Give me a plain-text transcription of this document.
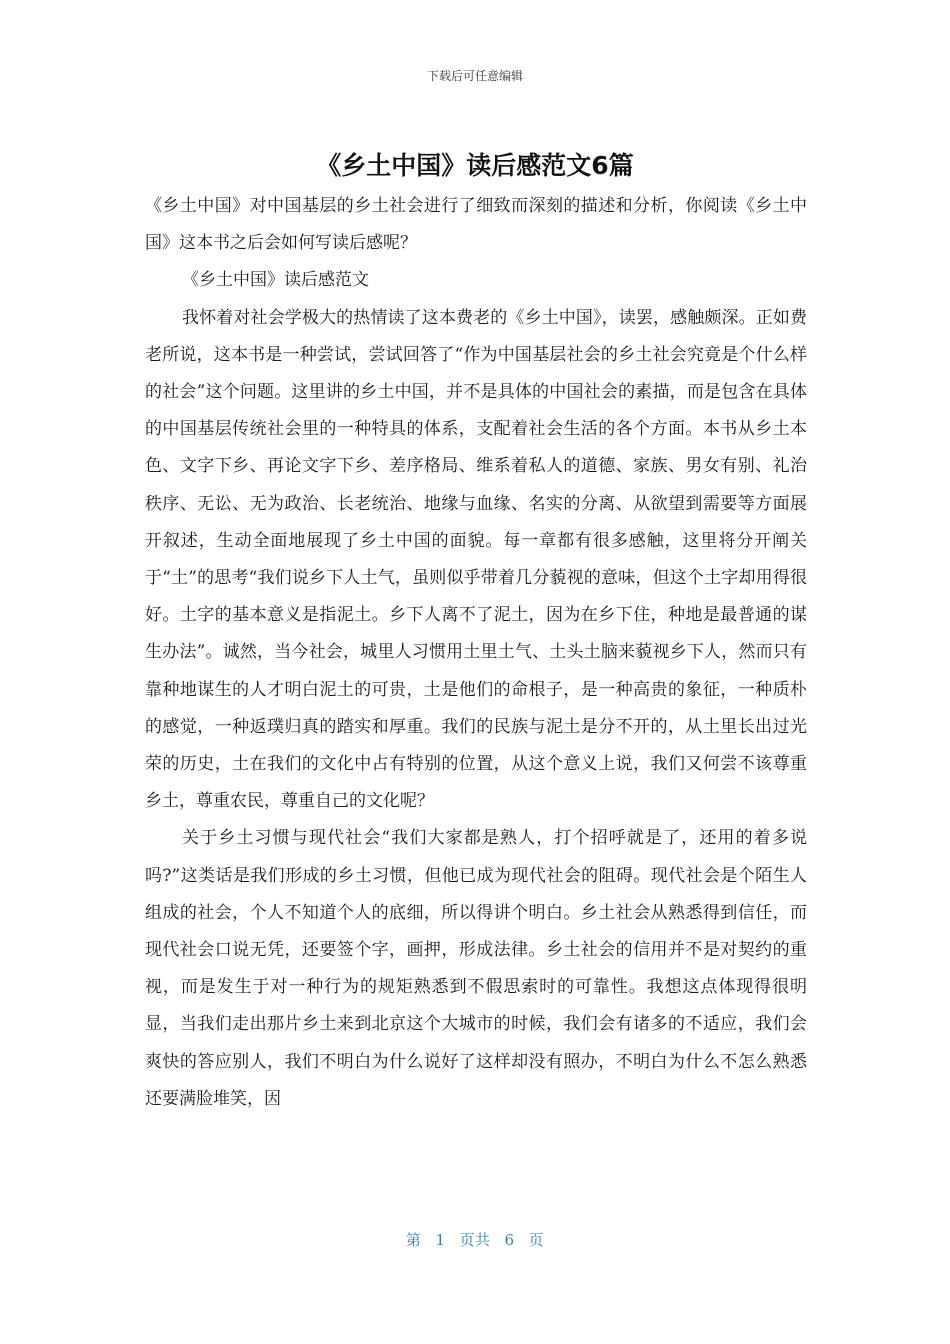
下载后可任意编辑
《乡土中国》读后感范文6篇

《乡土中国》对中国基层的乡土社会进行了细致而深刻的描述和分析，你阅读《乡土中国》这本书之后会如何写读后感呢？

《乡土中国》读后感范文

我怀着对社会学极大的热情读了这本费老的《乡土中国》，读罢，感触颇深。正如费老所说，这本书是一种尝试，尝试回答了“作为中国基层社会的乡土社会究竟是个什么样的社会”这个问题。这里讲的乡土中国，并不是具体的中国社会的素描，而是包含在具体的中国基层传统社会里的一种特具的体系，支配着社会生活的各个方面。本书从乡土本色、文字下乡、再论文字下乡、差序格局、维系着私人的道德、家族、男女有别、礼治秩序、无讼、无为政治、长老统治、地缘与血缘、名实的分离、从欲望到需要等方面展开叙述，生动全面地展现了乡土中国的面貌。每一章都有很多感触，这里将分开阐关于“土”的思考“我们说乡下人土气，虽则似乎带着几分藐视的意味，但这个土字却用得很好。土字的基本意义是指泥土。乡下人离不了泥土，因为在乡下住，种地是最普通的谋生办法”。诚然，当今社会，城里人习惯用土里土气、土头土脑来藐视乡下人，然而只有靠种地谋生的人才明白泥土的可贵，土是他们的命根子，是一种高贵的象征，一种质朴的感觉，一种返璞归真的踏实和厚重。我们的民族与泥土是分不开的，从土里长出过光荣的历史，土在我们的文化中占有特别的位置，从这个意义上说，我们又何尝不该尊重乡土，尊重农民，尊重自己的文化呢？

关于乡土习惯与现代社会“我们大家都是熟人，打个招呼就是了，还用的着多说吗?”这类话是我们形成的乡土习惯，但他已成为现代社会的阻碍。现代社会是个陌生人组成的社会，个人不知道个人的底细，所以得讲个明白。乡土社会从熟悉得到信任，而现代社会口说无凭，还要签个字，画押，形成法律。乡土社会的信用并不是对契约的重视，而是发生于对一种行为的规矩熟悉到不假思索时的可靠性。我想这点体现得很明显，当我们走出那片乡土来到北京这个大城市的时候，我们会有诸多的不适应，我们会爽快的答应别人，我们不明白为什么说好了这样却没有照办，不明白为什么不怎么熟悉还要满脸堆笑，因

第 1 页共 6 页
